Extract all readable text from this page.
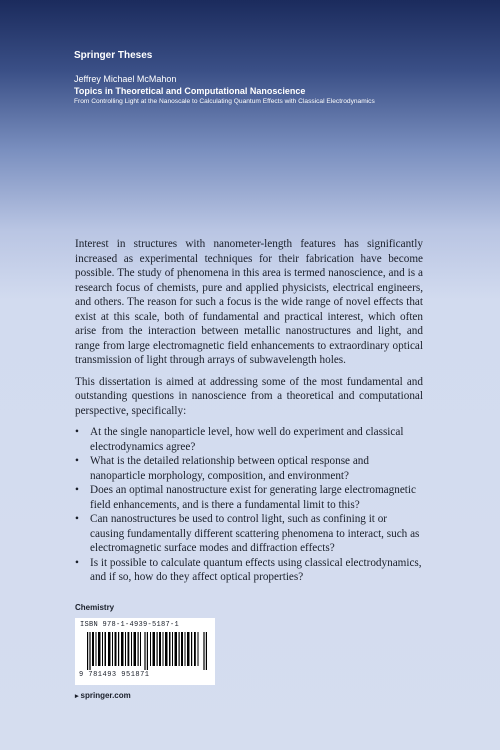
Springer Theses
Jeffrey Michael McMahon
Topics in Theoretical and Computational Nanoscience
From Controlling Light at the Nanoscale to Calculating Quantum Effects with Classical Electrodynamics

Interest in structures with nanometer-length features has significantly increased as experimental techniques for their fabrication have become possible. The study of phenomena in this area is termed nanoscience, and is a research focus of chemists, pure and applied physicists, electrical engineers, and others. The reason for such a focus is the wide range of novel effects that exist at this scale, both of fundamental and practical interest, which often arise from the interaction between metallic nanostructures and light, and range from large electromagnetic field enhancements to extraordinary optical transmission of light through arrays of subwavelength holes.

This dissertation is aimed at addressing some of the most fundamental and outstanding questions in nanoscience from a theoretical and computational perspective, specifically:

• At the single nanoparticle level, how well do experiment and classical electrodynamics agree?
• What is the detailed relationship between optical response and nanoparticle morphology, composition, and environment?
• Does an optimal nanostructure exist for generating large electromagnetic field enhancements, and is there a fundamental limit to this?
• Can nanostructures be used to control light, such as confining it or causing fundamentally different scattering phenomena to interact, such as electromagnetic surface modes and diffraction effects?
• Is it possible to calculate quantum effects using classical electrodynamics, and if so, how do they affect optical properties?
Chemistry
ISBN 978-1-4939-5187-1
9 781493 951871
▸ springer.com
